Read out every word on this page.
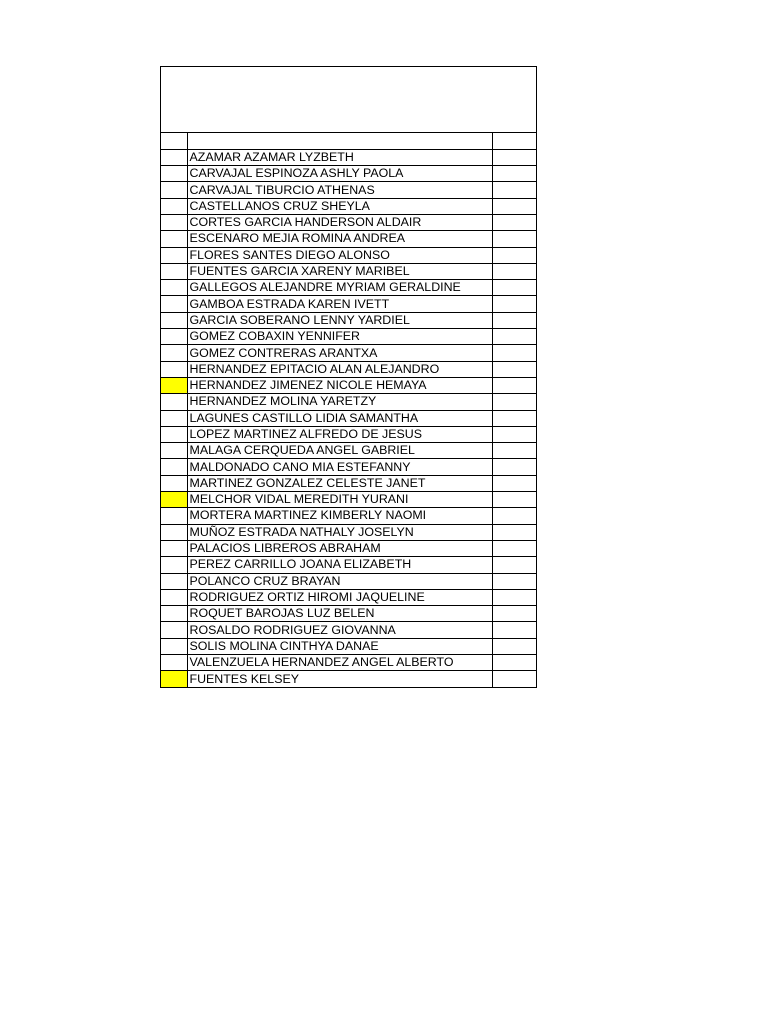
	AZAMAR AZAMAR LYZBETH	
	CARVAJAL ESPINOZA ASHLY PAOLA	
	CARVAJAL TIBURCIO ATHENAS	
	CASTELLANOS CRUZ SHEYLA	
	CORTES GARCIA HANDERSON ALDAIR	
	ESCENARO MEJIA ROMINA ANDREA	
	FLORES SANTES DIEGO ALONSO	
	FUENTES GARCIA XARENY MARIBEL	
	GALLEGOS ALEJANDRE MYRIAM GERALDINE	
	GAMBOA ESTRADA KAREN IVETT	
	GARCIA SOBERANO LENNY YARDIEL	
	GOMEZ COBAXIN YENNIFER	
	GOMEZ CONTRERAS ARANTXA	
	HERNANDEZ EPITACIO ALAN ALEJANDRO	
	HERNANDEZ JIMENEZ NICOLE HEMAYA	
	HERNANDEZ MOLINA YARETZY	
	LAGUNES CASTILLO LIDIA SAMANTHA	
	LOPEZ MARTINEZ ALFREDO DE JESUS	
	MALAGA CERQUEDA ANGEL GABRIEL	
	MALDONADO CANO MIA ESTEFANNY	
	MARTINEZ GONZALEZ CELESTE JANET	
	MELCHOR VIDAL MEREDITH YURANI	
	MORTERA MARTINEZ KIMBERLY NAOMI	
	MUÑOZ ESTRADA NATHALY JOSELYN	
	PALACIOS LIBREROS ABRAHAM	
	PEREZ CARRILLO JOANA ELIZABETH	
	POLANCO CRUZ BRAYAN	
	RODRIGUEZ ORTIZ HIROMI JAQUELINE	
	ROQUET BAROJAS LUZ BELEN	
	ROSALDO RODRIGUEZ GIOVANNA	
	SOLIS MOLINA CINTHYA DANAE	
	VALENZUELA HERNANDEZ ANGEL ALBERTO	
	FUENTES KELSEY	
